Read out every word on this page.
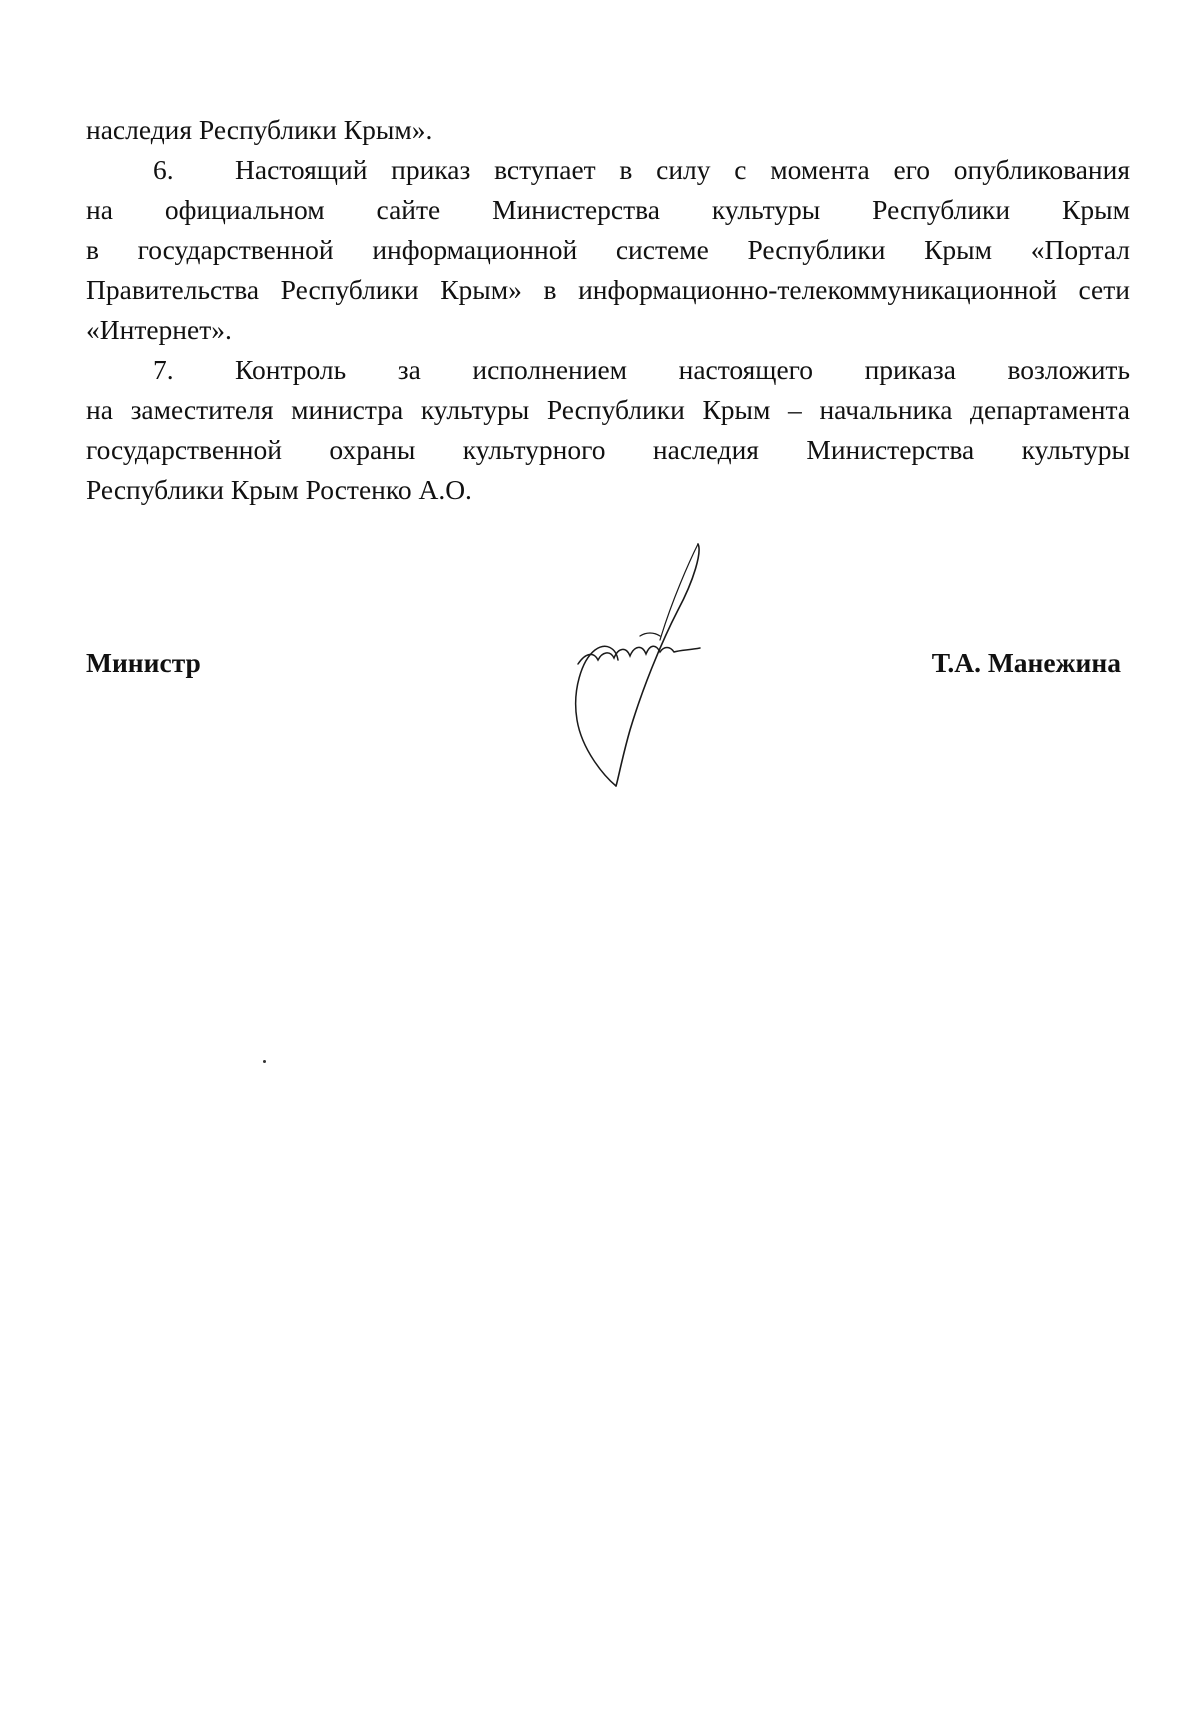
наследия Республики Крым».
6. Настоящий приказ вступает в силу с момента его опубликования
на официальном сайте Министерства культуры Республики Крым
в государственной информационной системе Республики Крым «Портал
Правительства Республики Крым» в информационно-телекоммуникационной сети
«Интернет».
7. Контроль за исполнением настоящего приказа возложить
на заместителя министра культуры Республики Крым – начальника департамента
государственной охраны культурного наследия Министерства культуры
Республики Крым Ростенко А.О.
Министр	Т.А. Манежина
